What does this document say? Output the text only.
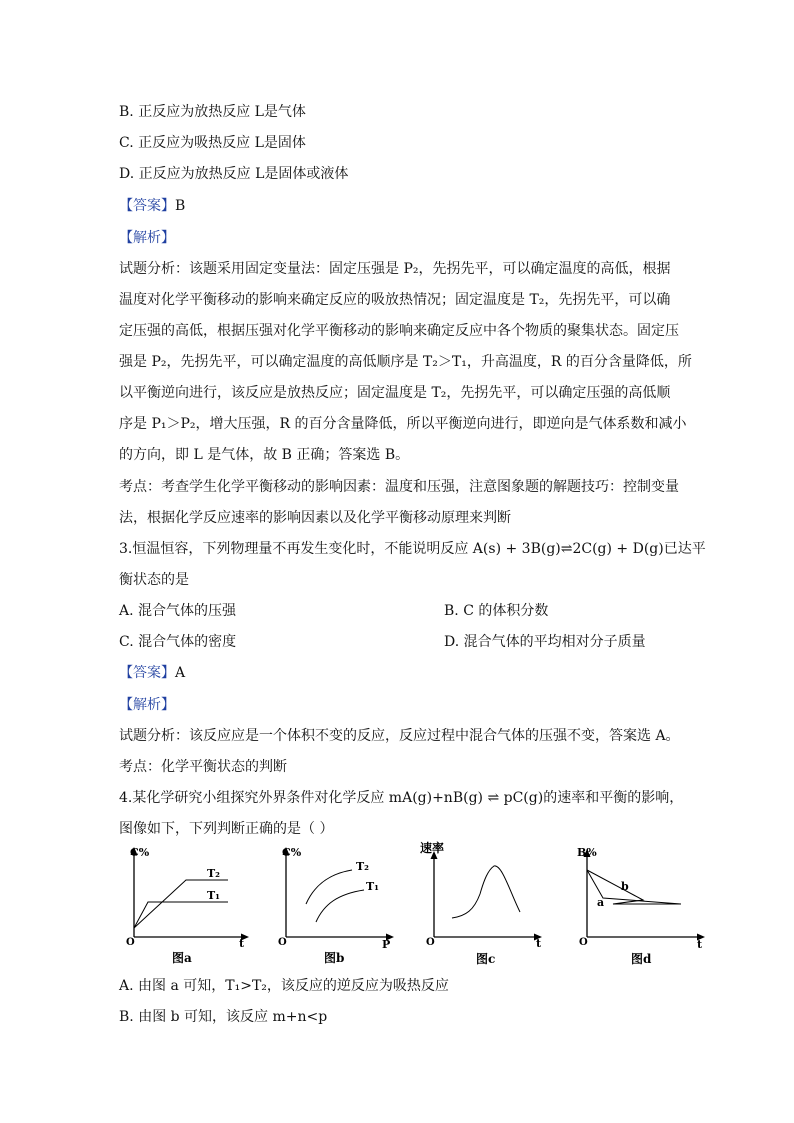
B. 正反应为放热反应 L是气体
C. 正反应为吸热反应 L是固体
D. 正反应为放热反应 L是固体或液体
【答案】B
【解析】
试题分析：该题采用固定变量法：固定压强是 P₂，先拐先平，可以确定温度的高低，根据
温度对化学平衡移动的影响来确定反应的吸放热情况；固定温度是 T₂，先拐先平，可以确
定压强的高低，根据压强对化学平衡移动的影响来确定反应中各个物质的聚集状态。固定压
强是 P₂，先拐先平，可以确定温度的高低顺序是 T₂＞T₁，升高温度，R 的百分含量降低，所
以平衡逆向进行，该反应是放热反应；固定温度是 T₂，先拐先平，可以确定压强的高低顺
序是 P₁＞P₂，增大压强，R 的百分含量降低，所以平衡逆向进行，即逆向是气体系数和减小
的方向，即 L 是气体，故 B 正确；答案选 B。
考点：考查学生化学平衡移动的影响因素：温度和压强，注意图象题的解题技巧：控制变量
法，根据化学反应速率的影响因素以及化学平衡移动原理来判断
3.恒温恒容，下列物理量不再发生变化时，不能说明反应 A(s) + 3B(g)⇌2C(g) + D(g)已达平
衡状态的是
A. 混合气体的压强	B. C 的体积分数
C. 混合气体的密度	D. 混合气体的平均相对分子质量
【答案】A
【解析】
试题分析：该反应应是一个体积不变的反应，反应过程中混合气体的压强不变，答案选 A。
考点：化学平衡状态的判断
4.某化学研究小组探究外界条件对化学反应 mA(g)+nB(g) ⇌ pC(g)的速率和平衡的影响，
图像如下，下列判断正确的是（ ）
C%
T₂
T₁
O	t
图a
C%
T₂
T₁
O	P
图b
速率
O	t
图c
B%
a
b
O	t
图d
A. 由图 a 可知，T₁>T₂，该反应的逆反应为吸热反应
B. 由图 b 可知，该反应 m+n<p
